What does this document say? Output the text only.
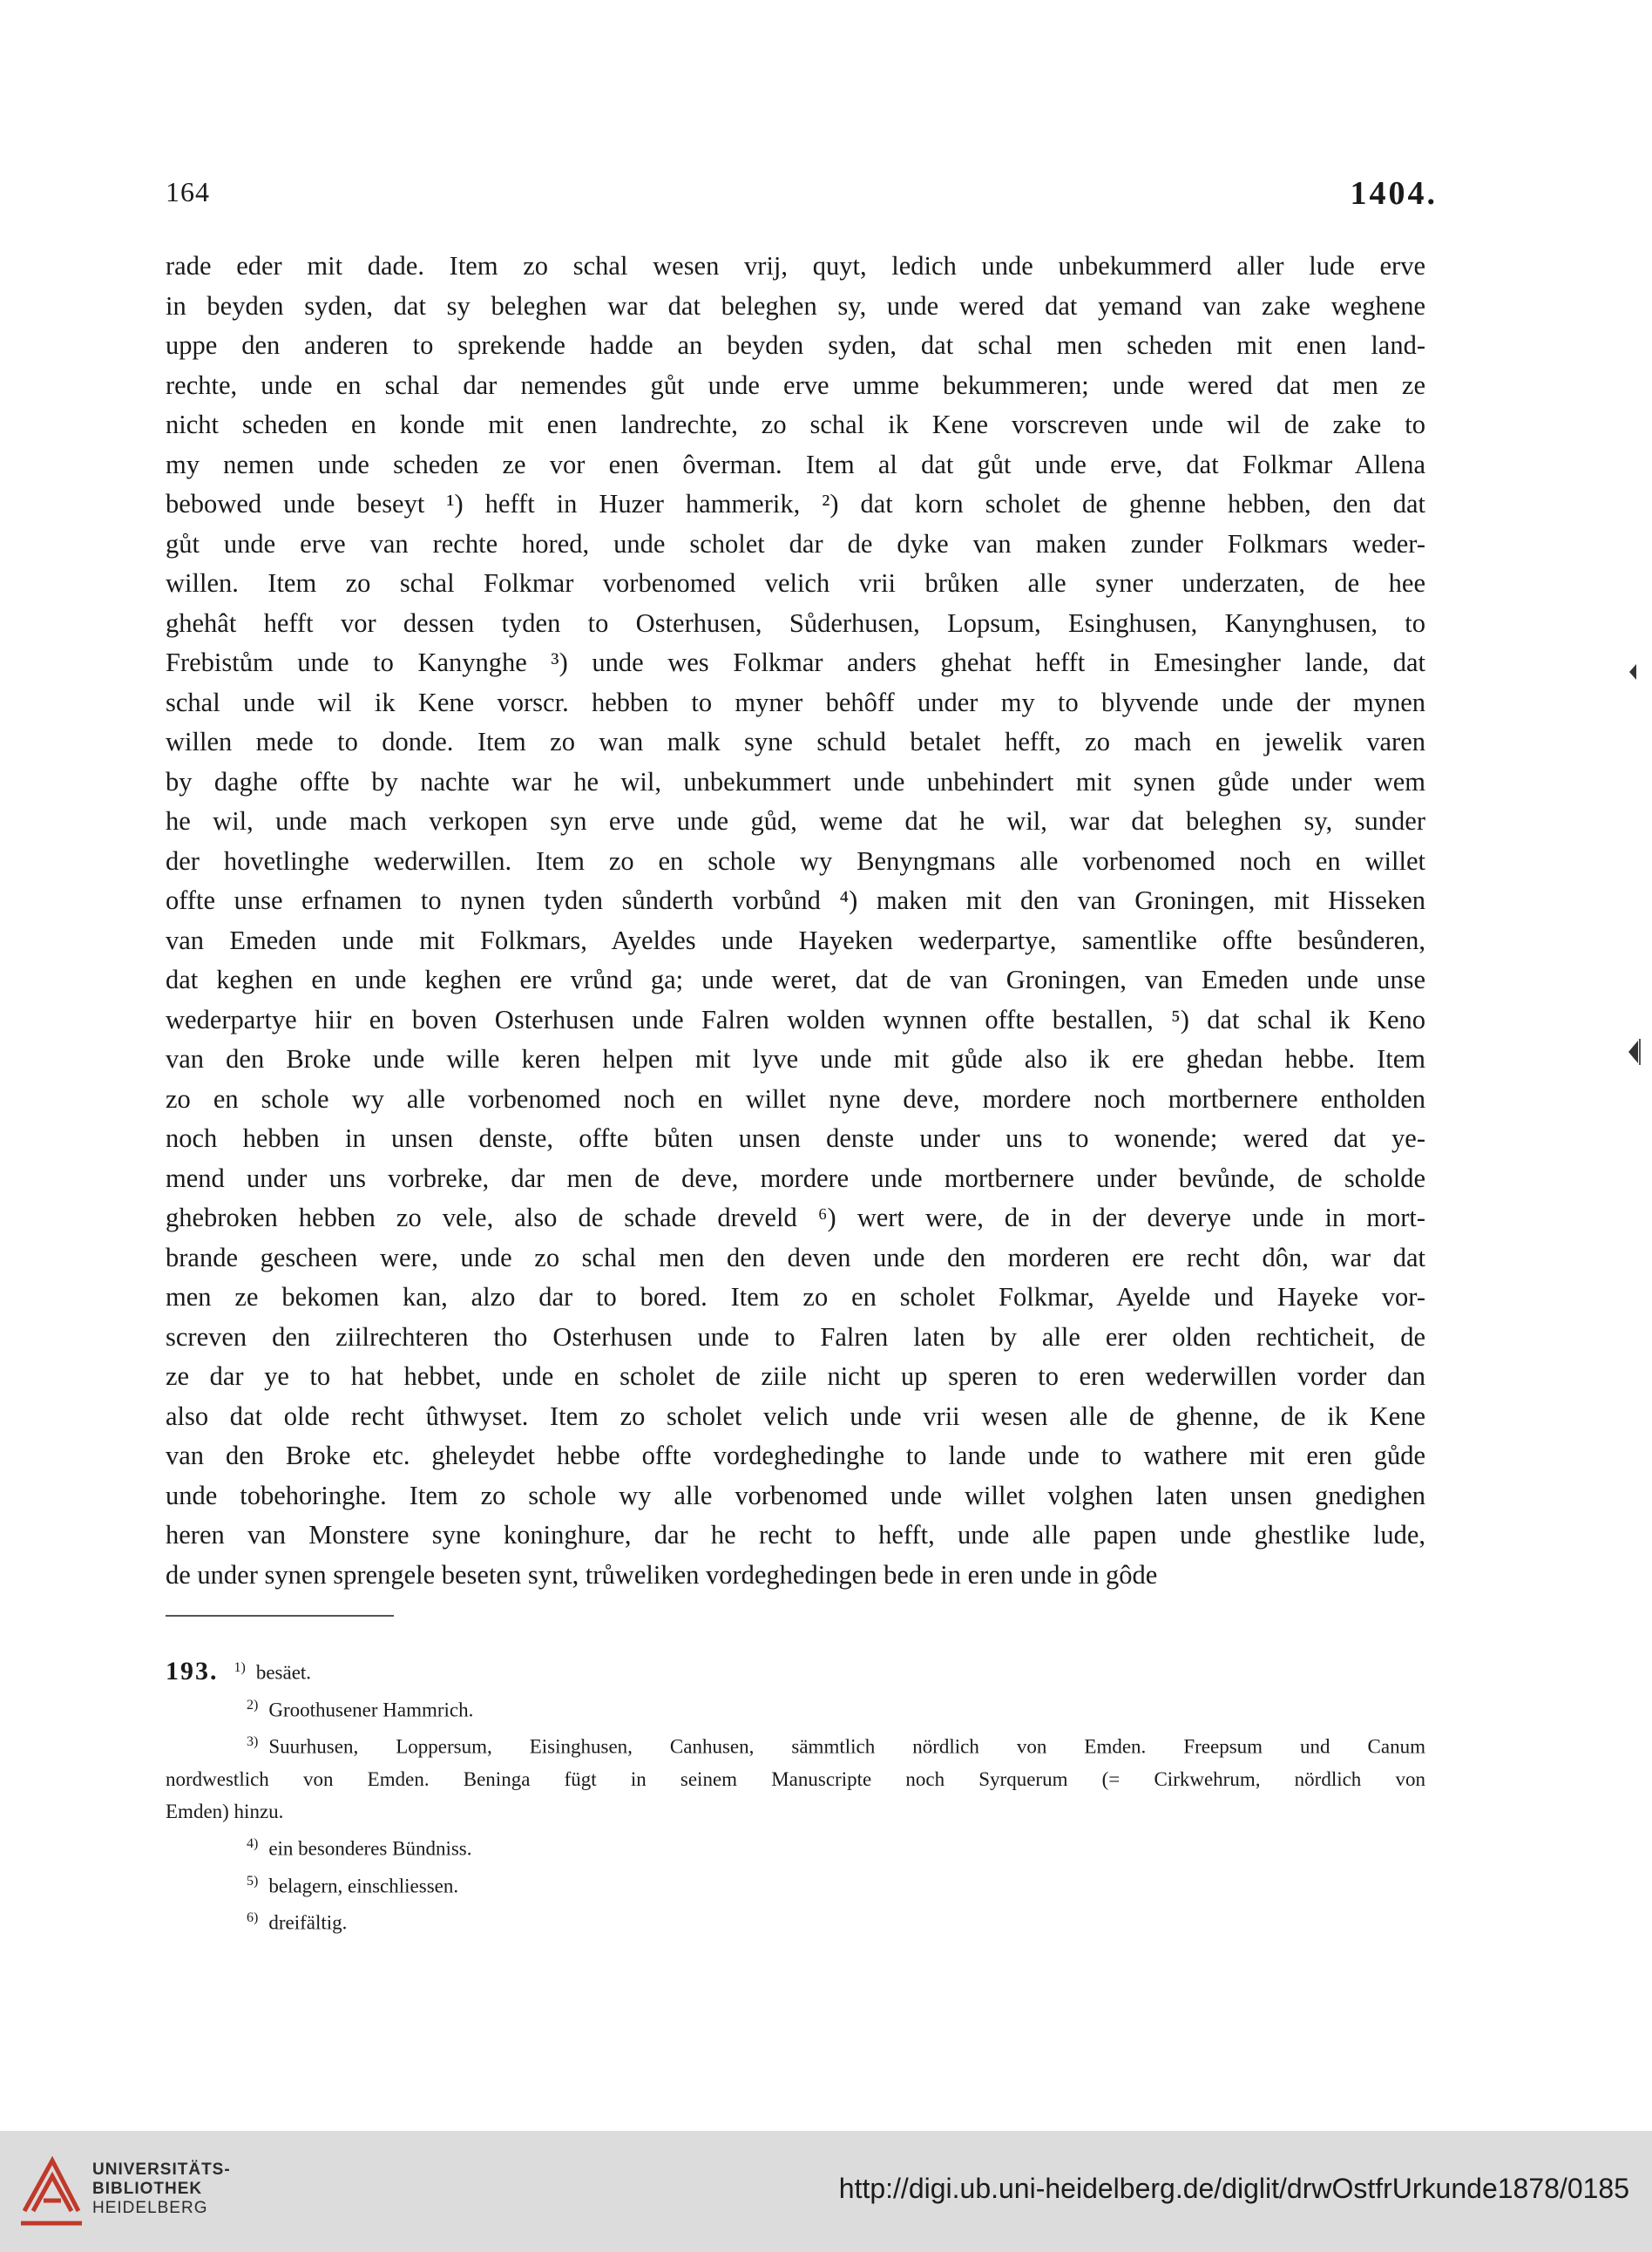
164	1404.
rade eder mit dade. Item zo schal wesen vrij, quyt, ledich unde unbekummerd aller lude erve
in beyden syden, dat sy beleghen war dat beleghen sy, unde wered dat yemand van zake weghene
uppe den anderen to sprekende hadde an beyden syden, dat schal men scheden mit enen land-
rechte, unde en schal dar nemendes gůt unde erve umme bekummeren; unde wered dat men ze
nicht scheden en konde mit enen landrechte, zo schal ik Kene vorscreven unde wil de zake to
my nemen unde scheden ze vor enen ôverman. Item al dat gůt unde erve, dat Folkmar Allena
bebowed unde beseyt ¹) hefft in Huzer hammerik, ²) dat korn scholet de ghenne hebben, den dat
gůt unde erve van rechte hored, unde scholet dar de dyke van maken zunder Folkmars weder-
willen. Item zo schal Folkmar vorbenomed velich vrii brůken alle syner underzaten, de hee
ghehât hefft vor dessen tyden to Osterhusen, Sůderhusen, Lopsum, Esinghusen, Kanynghusen, to
Frebistům unde to Kanynghe ³) unde wes Folkmar anders ghehat hefft in Emesingher lande, dat
schal unde wil ik Kene vorscr. hebben to myner behôff under my to blyvende unde der mynen
willen mede to donde. Item zo wan malk syne schuld betalet hefft, zo mach en jewelik varen
by daghe offte by nachte war he wil, unbekummert unde unbehindert mit synen gůde under wem
he wil, unde mach verkopen syn erve unde gůd, weme dat he wil, war dat beleghen sy, sunder
der hovetlinghe wederwillen. Item zo en schole wy Benyngmans alle vorbenomed noch en willet
offte unse erfnamen to nynen tyden sůnderth vorbůnd ⁴) maken mit den van Groningen, mit Hisseken
van Emeden unde mit Folkmars, Ayeldes unde Hayeken wederpartye, samentlike offte besůnderen,
dat keghen en unde keghen ere vrůnd ga; unde weret, dat de van Groningen, van Emeden unde unse
wederpartye hiir en boven Osterhusen unde Falren wolden wynnen offte bestallen, ⁵) dat schal ik Keno
van den Broke unde wille keren helpen mit lyve unde mit gůde also ik ere ghedan hebbe. Item
zo en schole wy alle vorbenomed noch en willet nyne deve, mordere noch mortbernere entholden
noch hebben in unsen denste, offte bůten unsen denste under uns to wonende; wered dat ye-
mend under uns vorbreke, dar men de deve, mordere unde mortbernere under bevůnde, de scholde
ghebroken hebben zo vele, also de schade dreveld ⁶) wert were, de in der deverye unde in mort-
brande gescheen were, unde zo schal men den deven unde den morderen ere recht dôn, war dat
men ze bekomen kan, alzo dar to bored. Item zo en scholet Folkmar, Ayelde und Hayeke vor-
screven den ziilrechteren tho Osterhusen unde to Falren laten by alle erer olden rechticheit, de
ze dar ye to hat hebbet, unde en scholet de ziile nicht up speren to eren wederwillen vorder dan
also dat olde recht ûthwyset. Item zo scholet velich unde vrii wesen alle de ghenne, de ik Kene
van den Broke etc. gheleydet hebbe offte vordeghedinghe to lande unde to wathere mit eren gůde
unde tobehoringhe. Item zo schole wy alle vorbenomed unde willet volghen laten unsen gnedighen
heren van Monstere syne koninghure, dar he recht to hefft, unde alle papen unde ghestlike lude,
de under synen sprengele beseten synt, trůweliken vordeghedingen bede in eren unde in gôde
193. $^{1)}$ besäet.
$^{2)}$ Groothusener Hammrich.
$^{3)}$ Suurhusen, Loppersum, Eisinghusen, Canhusen, sämmtlich nördlich von Emden. Freepsum und Canum
nordwestlich von Emden. Beninga fügt in seinem Manuscripte noch Syrquerum (= Cirkwehrum, nördlich von
Emden) hinzu.
$^{4)}$ ein besonderes Bündniss.
$^{5)}$ belagern, einschliessen.
$^{6)}$ dreifältig.
UNIVERSITÄTS-
BIBLIOTHEK
HEIDELBERG
http://digi.ub.uni-heidelberg.de/diglit/drwOstfrUrkunde1878/0185
